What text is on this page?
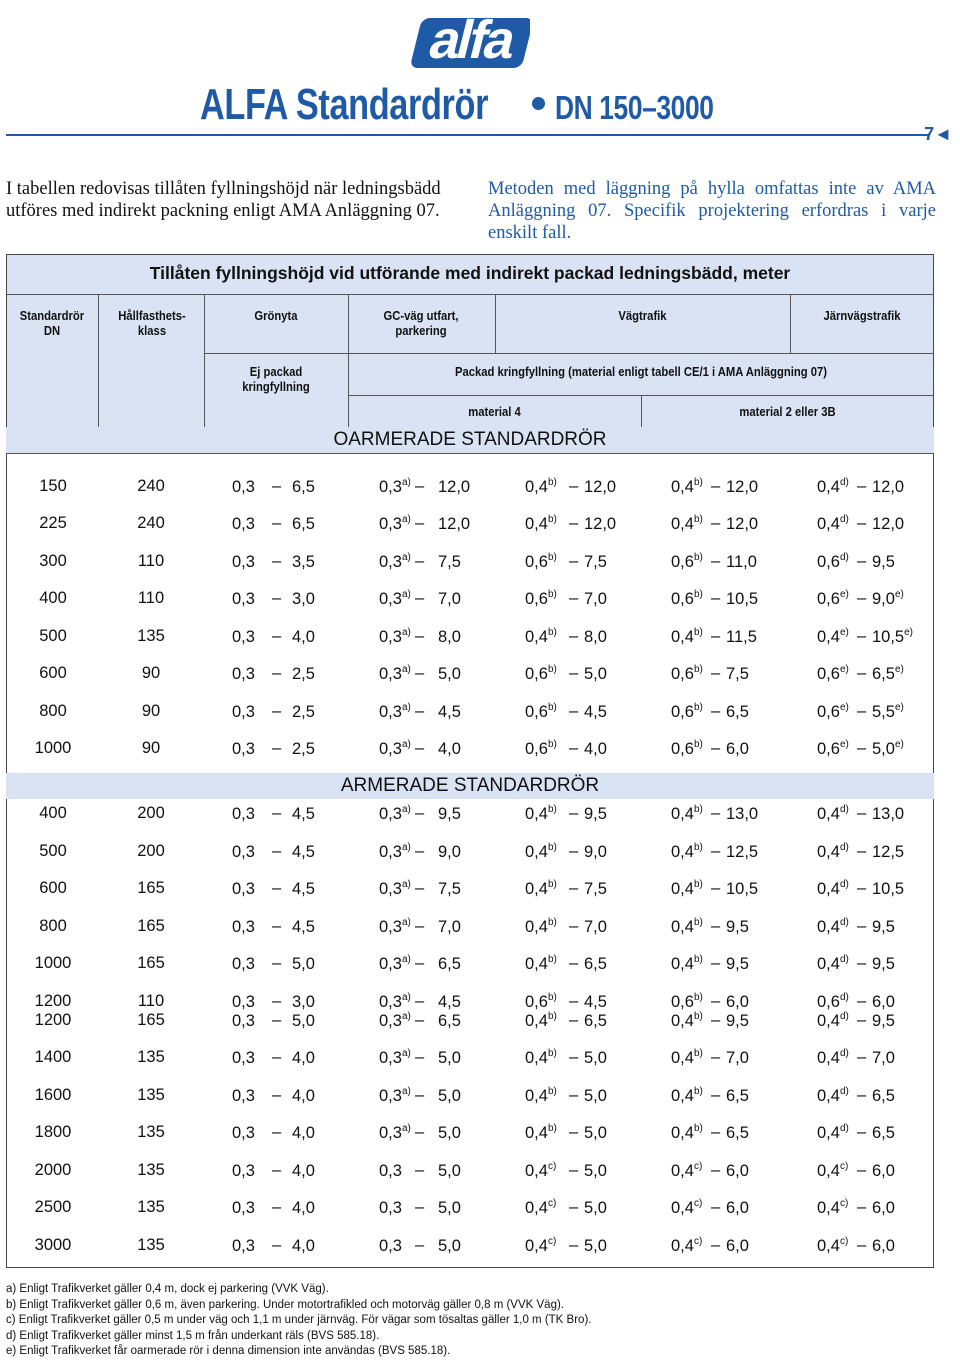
alfa
ALFA Standardrör DN 150–3000
7◄
I tabellen redovisas tillåten fyllningshöjd när ledningsbädd utföres med indirekt packning enligt AMA Anläggning 07.
Metoden med läggning på hylla omfattas inte av AMA Anläggning 07. Specifik projektering erfordras i varje enskilt fall.
Tillåten fyllningshöjd vid utförande med indirekt packad ledningsbädd, meter
Standardrör DN
Hållfasthets- klass
Grönyta	GC-väg utfart, parkering
Vägtrafik	Järnvägstrafik
Ej packad kringfyllning
Packad kringfyllning (material enligt tabell CE/1 i AMA Anläggning 07)
material 4	material 2 eller 3B
OARMERADE STANDARDRÖR
ARMERADE STANDARDRÖR
150	240	0,3 – 6,5	0,3$^{a)}$ – 12,0	0,4$^{b)}$ – 12,0	0,4$^{b)}$ – 12,0	0,4$^{d)}$ – 12,0
225	240	0,3 – 6,5	0,3$^{a)}$ – 12,0	0,4$^{b)}$ – 12,0	0,4$^{b)}$ – 12,0	0,4$^{d)}$ – 12,0
300	110	0,3 – 3,5	0,3$^{a)}$ – 7,5	0,6$^{b)}$ – 7,5	0,6$^{b)}$ – 11,0	0,6$^{d)}$ – 9,5
400	110	0,3 – 3,0	0,3$^{a)}$ – 7,0	0,6$^{b)}$ – 7,0	0,6$^{b)}$ – 10,5	0,6$^{e)}$ – 9,0$^{e)}$
500	135	0,3 – 4,0	0,3$^{a)}$ – 8,0	0,4$^{b)}$ – 8,0	0,4$^{b)}$ – 11,5	0,4$^{e)}$ – 10,5$^{e)}$
600	90	0,3 – 2,5	0,3$^{a)}$ – 5,0	0,6$^{b)}$ – 5,0	0,6$^{b)}$ – 7,5	0,6$^{e)}$ – 6,5$^{e)}$
800	90	0,3 – 2,5	0,3$^{a)}$ – 4,5	0,6$^{b)}$ – 4,5	0,6$^{b)}$ – 6,5	0,6$^{e)}$ – 5,5$^{e)}$
1000	90	0,3 – 2,5	0,3$^{a)}$ – 4,0	0,6$^{b)}$ – 4,0	0,6$^{b)}$ – 6,0	0,6$^{e)}$ – 5,0$^{e)}$
400	200	0,3 – 4,5	0,3$^{a)}$ – 9,5	0,4$^{b)}$ – 9,5	0,4$^{b)}$ – 13,0	0,4$^{d)}$ – 13,0
500	200	0,3 – 4,5	0,3$^{a)}$ – 9,0	0,4$^{b)}$ – 9,0	0,4$^{b)}$ – 12,5	0,4$^{d)}$ – 12,5
600	165	0,3 – 4,5	0,3$^{a)}$ – 7,5	0,4$^{b)}$ – 7,5	0,4$^{b)}$ – 10,5	0,4$^{d)}$ – 10,5
800	165	0,3 – 4,5	0,3$^{a)}$ – 7,0	0,4$^{b)}$ – 7,0	0,4$^{b)}$ – 9,5	0,4$^{d)}$ – 9,5
1000	165	0,3 – 5,0	0,3$^{a)}$ – 6,5	0,4$^{b)}$ – 6,5	0,4$^{b)}$ – 9,5	0,4$^{d)}$ – 9,5
1200	110	0,3 – 3,0	0,3$^{a)}$ – 4,5	0,6$^{b)}$ – 4,5	0,6$^{b)}$ – 6,0	0,6$^{d)}$ – 6,0
1200	165	0,3 – 5,0	0,3$^{a)}$ – 6,5	0,4$^{b)}$ – 6,5	0,4$^{b)}$ – 9,5	0,4$^{d)}$ – 9,5
1400	135	0,3 – 4,0	0,3$^{a)}$ – 5,0	0,4$^{b)}$ – 5,0	0,4$^{b)}$ – 7,0	0,4$^{d)}$ – 7,0
1600	135	0,3 – 4,0	0,3$^{a)}$ – 5,0	0,4$^{b)}$ – 5,0	0,4$^{b)}$ – 6,5	0,4$^{d)}$ – 6,5
1800	135	0,3 – 4,0	0,3$^{a)}$ – 5,0	0,4$^{b)}$ – 5,0	0,4$^{b)}$ – 6,5	0,4$^{d)}$ – 6,5
2000	135	0,3 – 4,0	0,3 – 5,0	0,4$^{c)}$ – 5,0	0,4$^{c)}$ – 6,0	0,4$^{c)}$ – 6,0
2500	135	0,3 – 4,0	0,3 – 5,0	0,4$^{c)}$ – 5,0	0,4$^{c)}$ – 6,0	0,4$^{c)}$ – 6,0
3000	135	0,3 – 4,0	0,3 – 5,0	0,4$^{c)}$ – 5,0	0,4$^{c)}$ – 6,0	0,4$^{c)}$ – 6,0
a) Enligt Trafikverket gäller 0,4 m, dock ej parkering (VVK Väg).
b) Enligt Trafikverket gäller 0,6 m, även parkering. Under motortrafikled och motorväg gäller 0,8 m (VVK Väg).
c) Enligt Trafikverket gäller 0,5 m under väg och 1,1 m under järnväg. För vägar som tösaltas gäller 1,0 m (TK Bro).
d) Enligt Trafikverket gäller minst 1,5 m från underkant räls (BVS 585.18).
e) Enligt Trafikverket får oarmerade rör i denna dimension inte användas (BVS 585.18).
